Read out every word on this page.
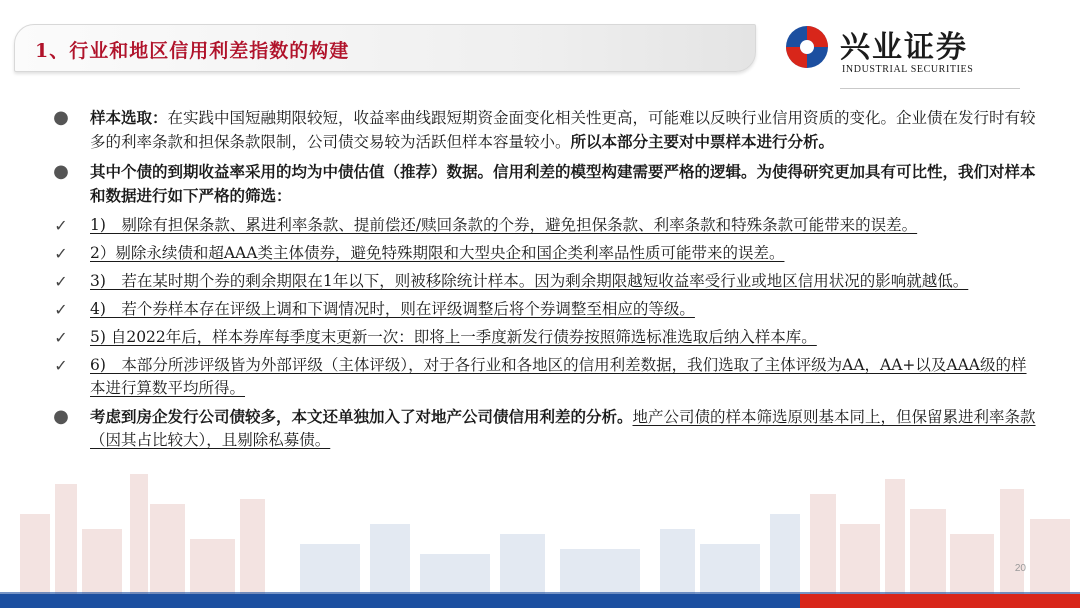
1、行业和地区信用利差指数的构建	兴业证券
INDUSTRIAL SECURITIES
●	样本选取：在实践中国短融期限较短，收益率曲线跟短期资金面变化相关性更高，可能难以反映行业信用资质的变化。企业债在发行时有较多的利率条款和担保条款限制，公司债交易较为活跃但样本容量较小。所以本部分主要对中票样本进行分析。
●	其中个债的到期收益率采用的均为中债估值（推荐）数据。信用利差的模型构建需要严格的逻辑。为使得研究更加具有可比性，我们对样本和数据进行如下严格的筛选：
✓	1)　剔除有担保条款、累进利率条款、提前偿还/赎回条款的个券，避免担保条款、利率条款和特殊条款可能带来的误差。
✓	2）剔除永续债和超AAA类主体债券，避免特殊期限和大型央企和国企类利率品性质可能带来的误差。
✓	3)　若在某时期个券的剩余期限在1年以下，则被移除统计样本。因为剩余期限越短收益率受行业或地区信用状况的影响就越低。
✓	4)　若个券样本存在评级上调和下调情况时，则在评级调整后将个券调整至相应的等级。
✓	5) 自2022年后，样本券库每季度末更新一次：即将上一季度新发行债券按照筛选标准选取后纳入样本库。
✓	6)　本部分所涉评级皆为外部评级（主体评级），对于各行业和各地区的信用利差数据，我们选取了主体评级为AA，AA+以及AAA级的样本进行算数平均所得。
●	考虑到房企发行公司债较多，本文还单独加入了对地产公司债信用利差的分析。地产公司债的样本筛选原则基本同上，但保留累进利率条款（因其占比较大），且剔除私募债。
20
